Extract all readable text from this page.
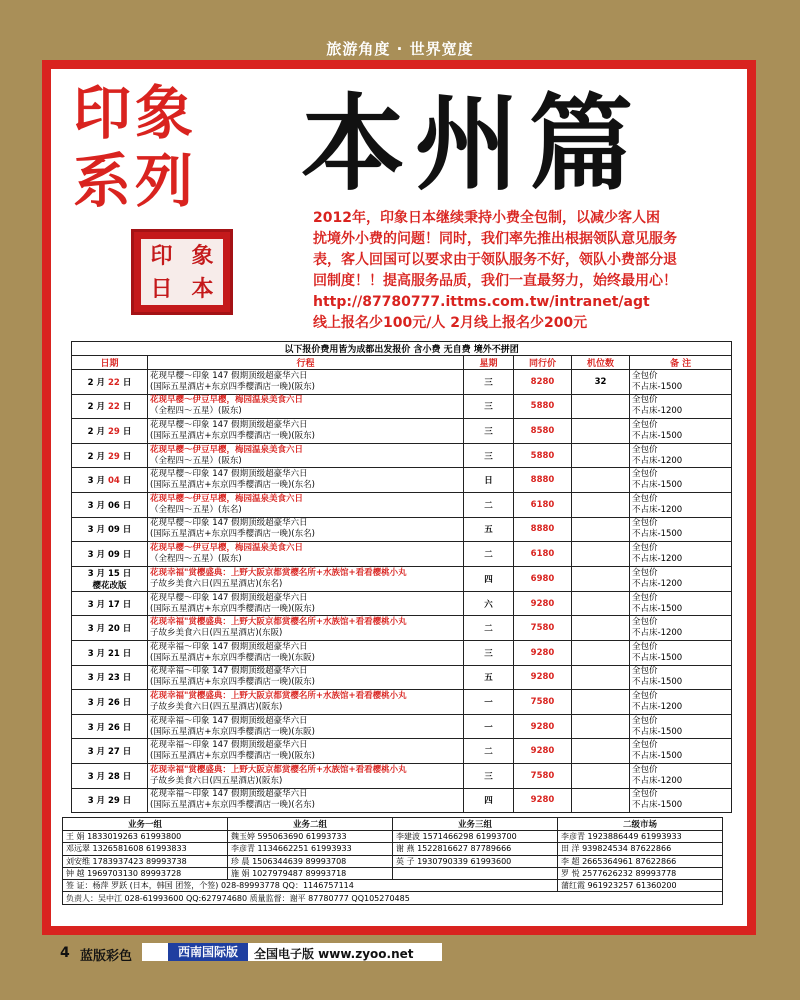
旅游角度 · 世界宽度
印象
系列
印 象
日 本
本州篇

2012年，印象日本继续秉持小费全包制，以减少客人困

扰境外小费的问题！同时，我们率先推出根据领队意见服务

表，客人回国可以要求由于领队服务不好，领队小费部分退

回制度！！提高服务品质，我们一直最努力，始终最用心！

http://87780777.ittms.com.tw/intranet/agt

线上报名少100元/人 2月线上报名少200元

以下报价费用皆为成都出发报价 含小费 无自费 境外不拼团					
日期	行程	星期	同行价	机位数	备 注
2 月 22 日	花现早樱～印象 147 假期顶级超豪华六日
(国际五星酒店+东京四季樱酒店一晚)(阪东)	三	8280	32	全包价
不占床-1500
2 月 22 日	花现早樱～伊豆早樱，梅园温泉美食六日
（全程四～五星）(阪东)	三	5880		全包价
不占床-1200
2 月 29 日	花现早樱～印象 147 假期顶级超豪华六日
(国际五星酒店+东京四季樱酒店一晚)(阪东)	三	8580		全包价
不占床-1500
2 月 29 日	花现早樱～伊豆早樱，梅园温泉美食六日
（全程四～五星）(阪东)	三	5880		全包价
不占床-1200
3 月 04 日	花现早樱～印象 147 假期顶级超豪华六日
(国际五星酒店+东京四季樱酒店一晚)(东名)	日	8880		全包价
不占床-1500
3 月 06 日	花现早樱～伊豆早樱，梅园温泉美食六日
（全程四～五星）(东名)	二	6180		全包价
不占床-1200
3 月 09 日	花现早樱～印象 147 假期顶级超豪华六日
(国际五星酒店+东京四季樱酒店一晚)(东名)	五	8880		全包价
不占床-1500
3 月 09 日	花现早樱～伊豆早樱，梅园温泉美食六日
（全程四～五星）(阪东)	二	6180		全包价
不占床-1200
3 月 15 日
樱花改版	花现幸福"赏樱盛典：上野大阪京都赏樱名所+水族馆+看看樱桃小丸
子故乡美食六日(四五星酒店)(东名)	四	6980		全包价
不占床-1200
3 月 17 日	花现早樱～印象 147 假期顶级超豪华六日
(国际五星酒店+东京四季樱酒店一晚)(阪东)	六	9280		全包价
不占床-1500
3 月 20 日	花现幸福"赏樱盛典：上野大阪京都赏樱名所+水族馆+看看樱桃小丸
子故乡美食六日(四五星酒店)(东阪)	二	7580		全包价
不占床-1200
3 月 21 日	花现幸福～印象 147 假期顶级超豪华六日
(国际五星酒店+东京四季樱酒店一晚)(东阪)	三	9280		全包价
不占床-1500
3 月 23 日	花现幸福～印象 147 假期顶级超豪华六日
(国际五星酒店+东京四季樱酒店一晚)(阪东)	五	9280		全包价
不占床-1500
3 月 26 日	花现幸福"赏樱盛典：上野大阪京都赏樱名所+水族馆+看看樱桃小丸
子故乡美食六日(四五星酒店)(阪东)	一	7580		全包价
不占床-1200
3 月 26 日	花现幸福～印象 147 假期顶级超豪华六日
(国际五星酒店+东京四季樱酒店一晚)(东阪)	一	9280		全包价
不占床-1500
3 月 27 日	花现幸福～印象 147 假期顶级超豪华六日
(国际五星酒店+东京四季樱酒店一晚)(阪东)	二	9280		全包价
不占床-1500
3 月 28 日	花现幸福"赏樱盛典：上野大阪京都赏樱名所+水族馆+看看樱桃小丸
子故乡美食六日(四五星酒店)(阪东)	三	7580		全包价
不占床-1200
3 月 29 日	花现幸福～印象 147 假期顶级超豪华六日
(国际五星酒店+东京四季樱酒店一晚)(名东)	四	9280		全包价
不占床-1500
业务一组	业务二组	业务三组	二级市场
王 娟 1833019263 61993800	魏玉婷 595063690 61993733	李建波 1571466298 61993700	李彦青 1923886449 61993933
邓远翠 1326581608 61993833	李彦青 1134662251 61993933	谢 燕 1522816627 87789666	田 洋 939824534 87622866
刘安维 1783937423 89993738	珍 晨 1506344639 89993708	英 子 1930790339 61993600	李 超 2665364961 87622866
钟 越 1969703130 89993728	施 娟 1027979487 89993718		罗 悦 2577626232 89993778
签 证：杨萍 罗跃 (日本，韩国 团签，个签) 028-89993778 QQ：1146757114			蒲红霞 961923257 61360200
负责人：吴中江 028-61993600 QQ:627974680 质量监督：谢平 87780777 QQ105270485			
4 蓝版彩色	西南国际版	全国电子版 www.zyoo.net
